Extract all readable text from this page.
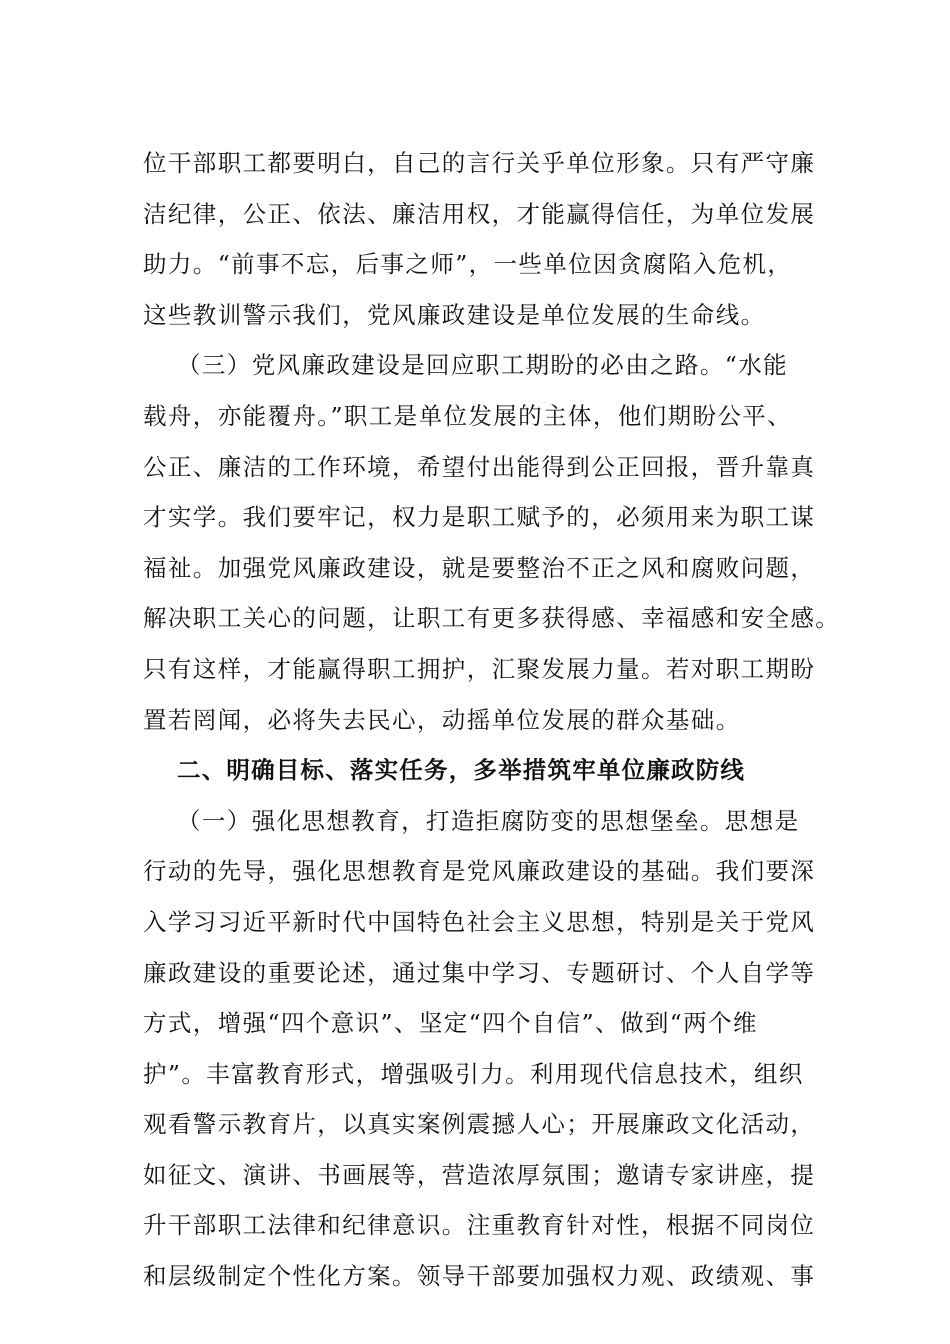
位干部职工都要明白，自己的言行关乎单位形象。只有严守廉
洁纪律，公正、依法、廉洁用权，才能赢得信任，为单位发展
助力。“前事不忘，后事之师”，一些单位因贪腐陷入危机，
这些教训警示我们，党风廉政建设是单位发展的生命线。
（三）党风廉政建设是回应职工期盼的必由之路。“水能
载舟，亦能覆舟。”职工是单位发展的主体，他们期盼公平、
公正、廉洁的工作环境，希望付出能得到公正回报，晋升靠真
才实学。我们要牢记，权力是职工赋予的，必须用来为职工谋
福祉。加强党风廉政建设，就是要整治不正之风和腐败问题，
解决职工关心的问题，让职工有更多获得感、幸福感和安全感。
只有这样，才能赢得职工拥护，汇聚发展力量。若对职工期盼
置若罔闻，必将失去民心，动摇单位发展的群众基础。
二、明确目标、落实任务，多举措筑牢单位廉政防线
（一）强化思想教育，打造拒腐防变的思想堡垒。思想是
行动的先导，强化思想教育是党风廉政建设的基础。我们要深
入学习习近平新时代中国特色社会主义思想，特别是关于党风
廉政建设的重要论述，通过集中学习、专题研讨、个人自学等
方式，增强“四个意识”、坚定“四个自信”、做到“两个维
护”。丰富教育形式，增强吸引力。利用现代信息技术，组织
观看警示教育片，以真实案例震撼人心；开展廉政文化活动，
如征文、演讲、书画展等，营造浓厚氛围；邀请专家讲座，提
升干部职工法律和纪律意识。注重教育针对性，根据不同岗位
和层级制定个性化方案。领导干部要加强权力观、政绩观、事
